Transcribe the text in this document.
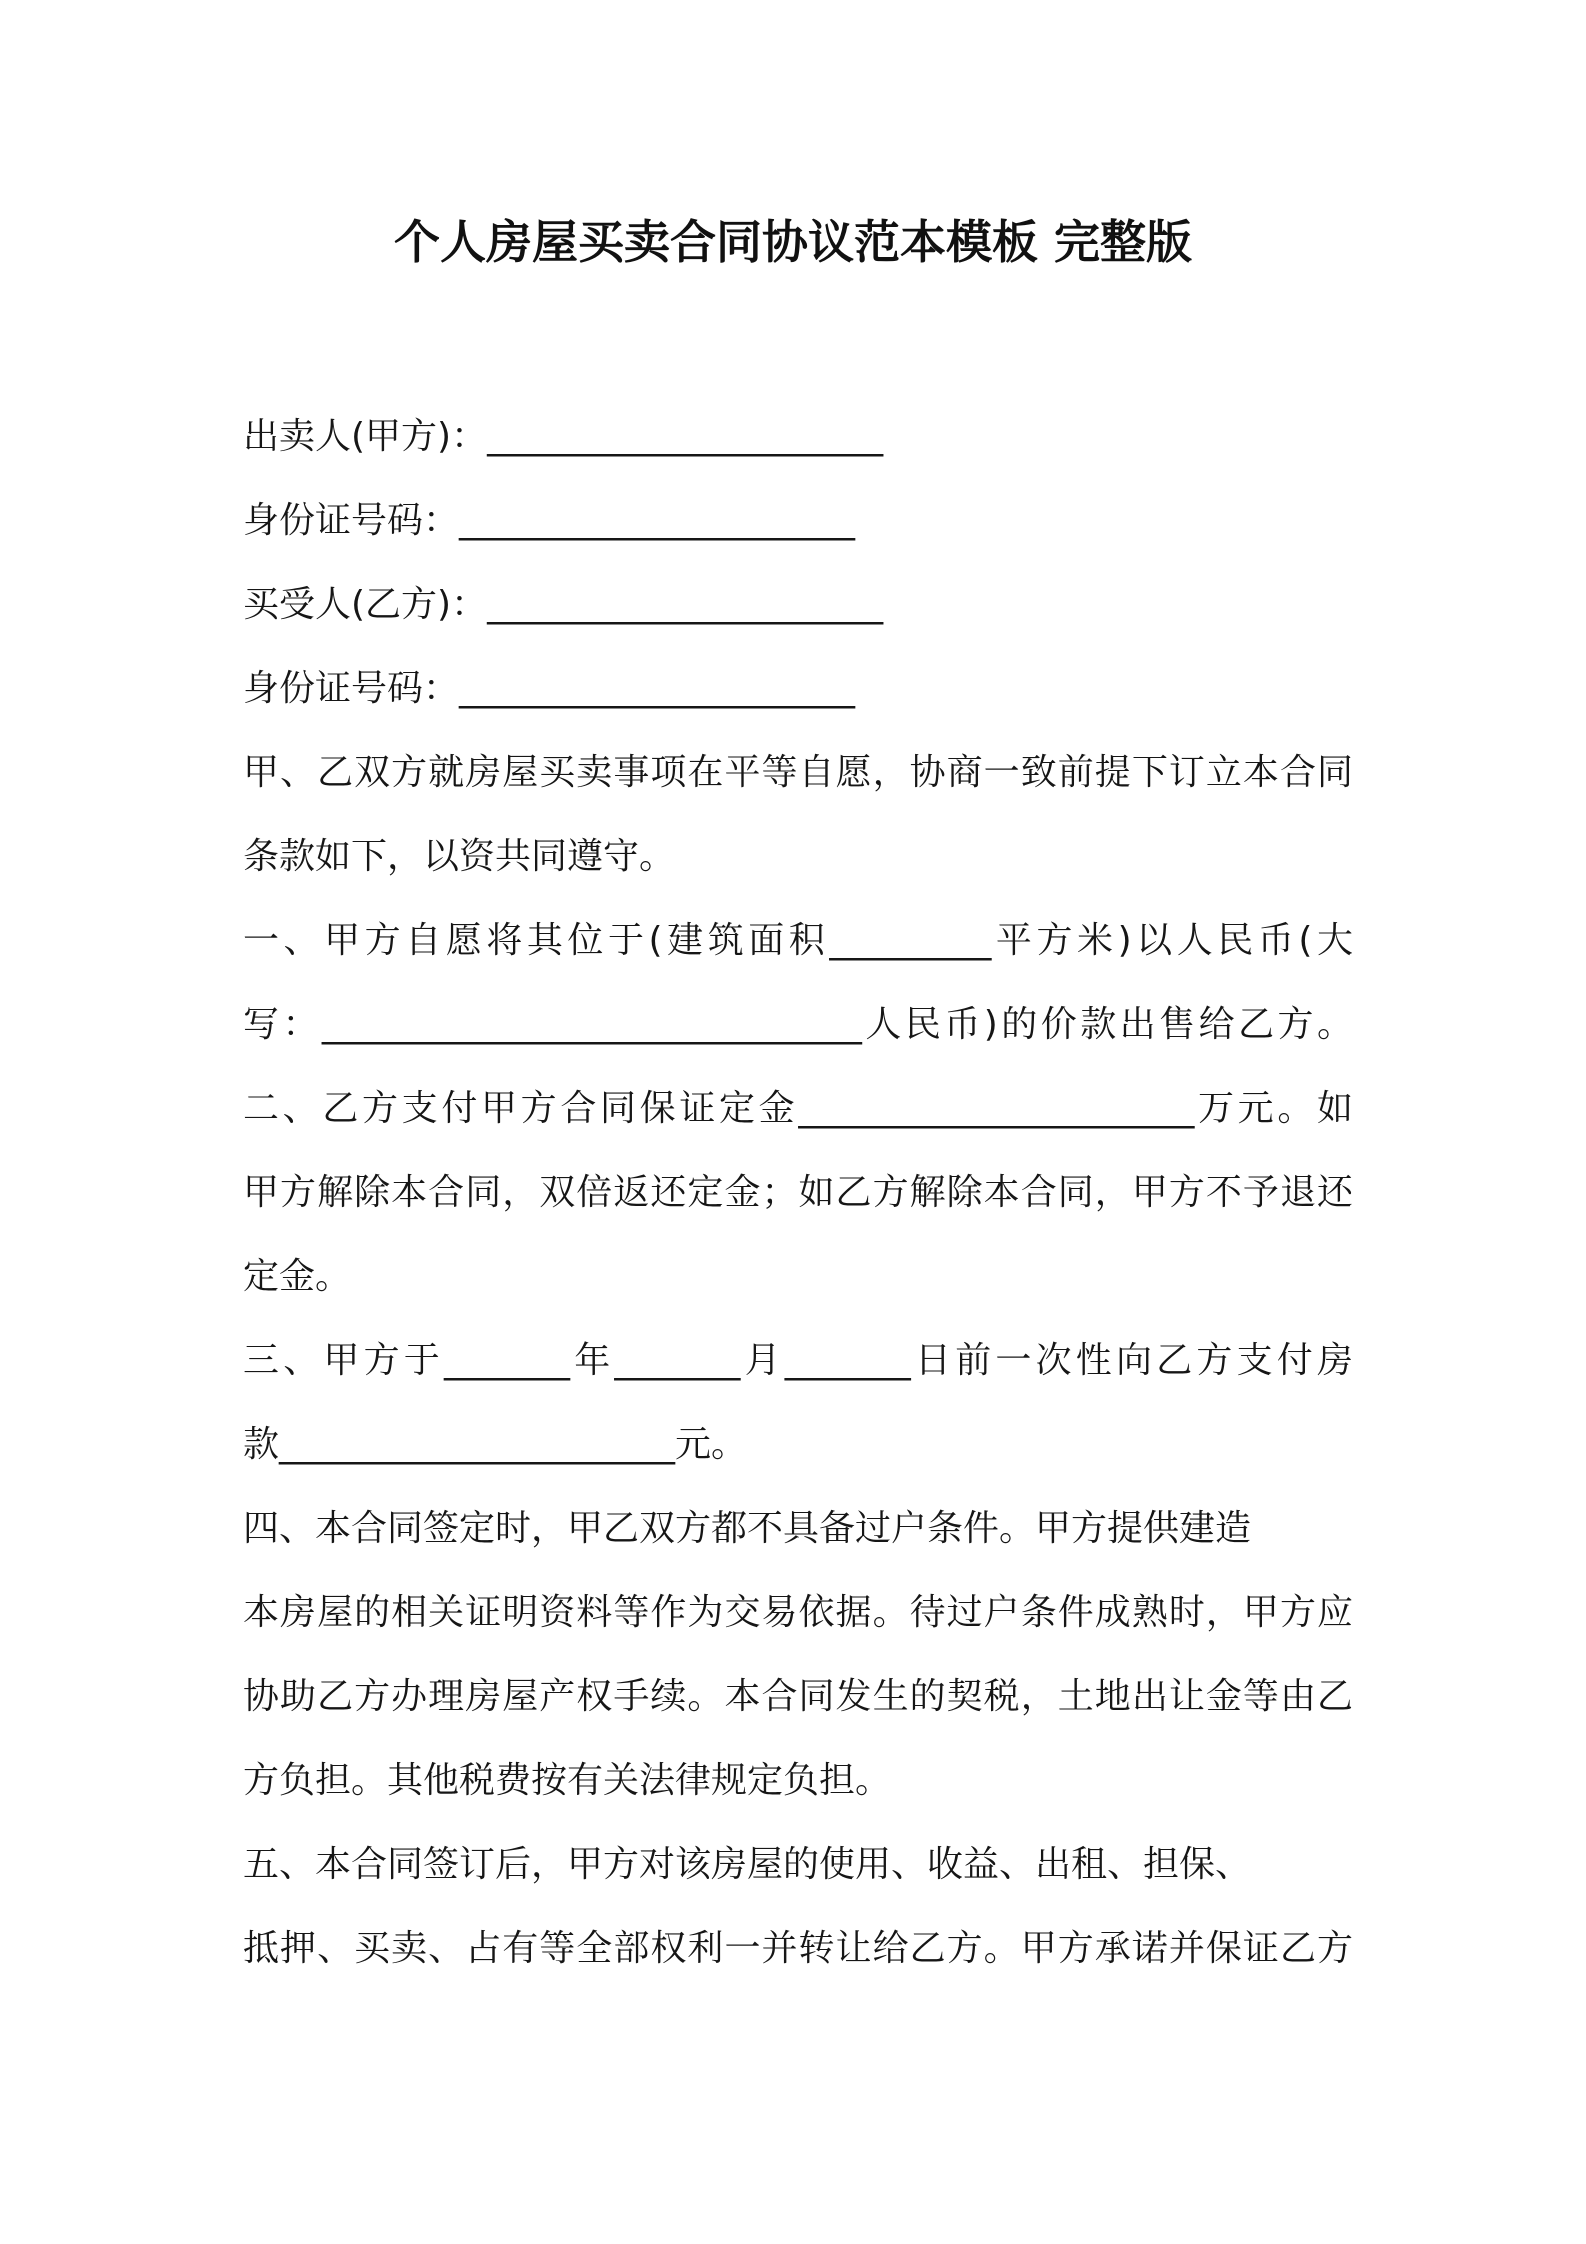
个人房屋买卖合同协议范本模板 完整版
出卖人(甲方)：______________________
身份证号码：______________________
买受人(乙方)：______________________
身份证号码：______________________
甲、乙双方就房屋买卖事项在平等自愿，协商一致前提下订立本合同
条款如下，以资共同遵守。
一、甲方自愿将其位于(建筑面积_________平方米)以人民币(大
写：______________________________人民币)的价款出售给乙方。
二、乙方支付甲方合同保证定金______________________万元。如
甲方解除本合同，双倍返还定金；如乙方解除本合同，甲方不予退还
定金。
三、甲方于_______年_______月_______日前一次性向乙方支付房
款______________________元。
四、本合同签定时，甲乙双方都不具备过户条件。甲方提供建造
本房屋的相关证明资料等作为交易依据。待过户条件成熟时，甲方应
协助乙方办理房屋产权手续。本合同发生的契税，土地出让金等由乙
方负担。其他税费按有关法律规定负担。
五、本合同签订后，甲方对该房屋的使用、收益、出租、担保、
抵押、买卖、占有等全部权利一并转让给乙方。甲方承诺并保证乙方
